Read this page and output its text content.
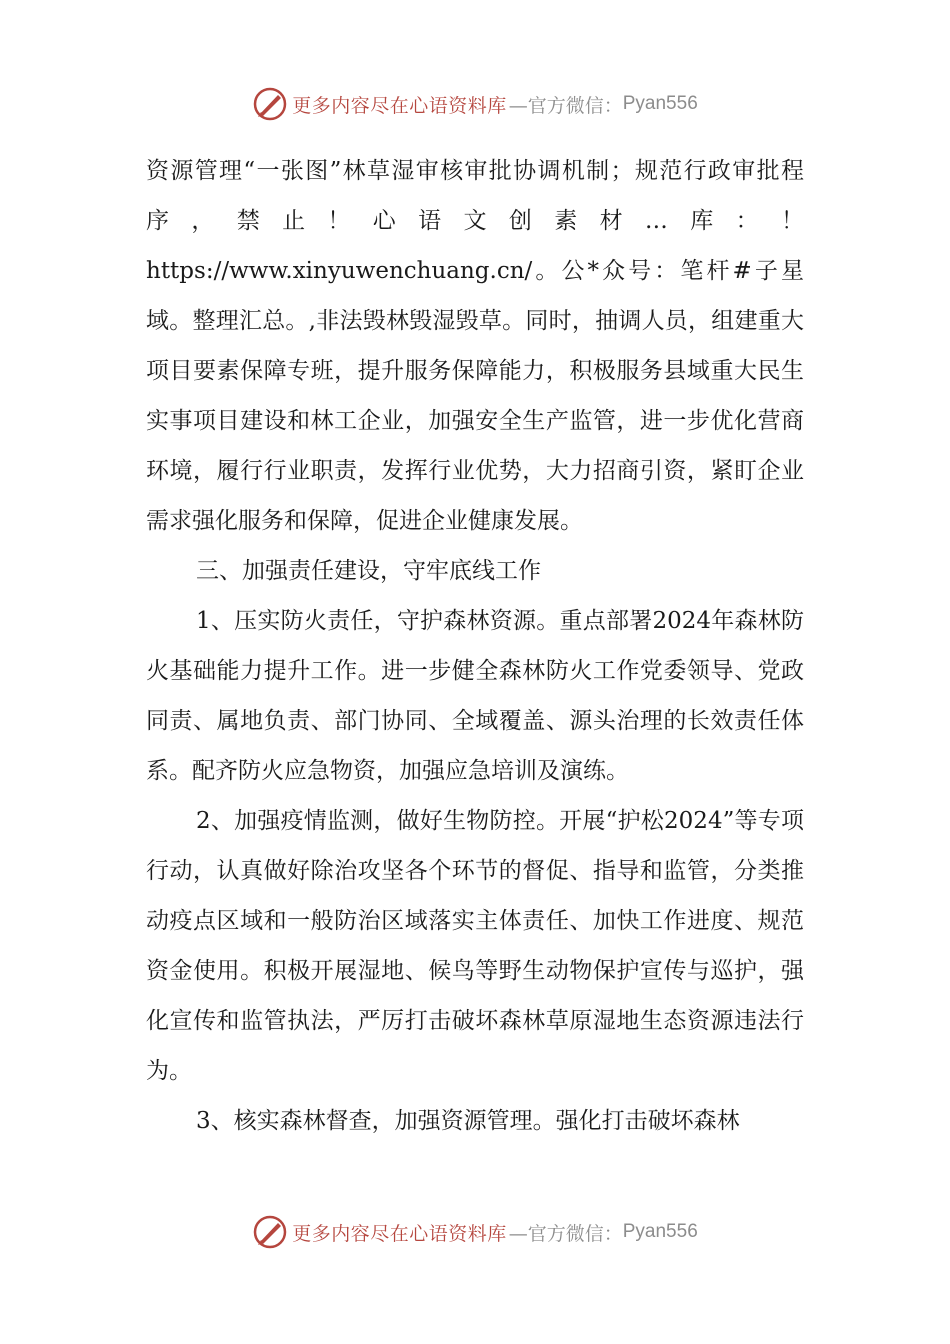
更多内容尽在心语资料库 —官方微信： Pyan556

资源管理“一张图”林草湿审核审批协调机制；规范行政审批程序，禁止！心语文创素材…库：！https://www.xinyuwenchuang.cn/。公*众号：笔杆#子星域。整理汇总。,非法毁林毁湿毁草。同时，抽调人员，组建重大项目要素保障专班，提升服务保障能力，积极服务县域重大民生实事项目建设和林工企业，加强安全生产监管，进一步优化营商环境，履行行业职责，发挥行业优势，大力招商引资，紧盯企业需求强化服务和保障，促进企业健康发展。

三、加强责任建设，守牢底线工作

1、压实防火责任，守护森林资源。重点部署2024年森林防火基础能力提升工作。进一步健全森林防火工作党委领导、党政同责、属地负责、部门协同、全域覆盖、源头治理的长效责任体系。配齐防火应急物资，加强应急培训及演练。

2、加强疫情监测，做好生物防控。开展“护松2024”等专项行动，认真做好除治攻坚各个环节的督促、指导和监管，分类推动疫点区域和一般防治区域落实主体责任、加快工作进度、规范资金使用。积极开展湿地、候鸟等野生动物保护宣传与巡护，强化宣传和监管执法，严厉打击破坏森林草原湿地生态资源违法行为。

3、核实森林督查，加强资源管理。强化打击破坏森林

更多内容尽在心语资料库 —官方微信： Pyan556
